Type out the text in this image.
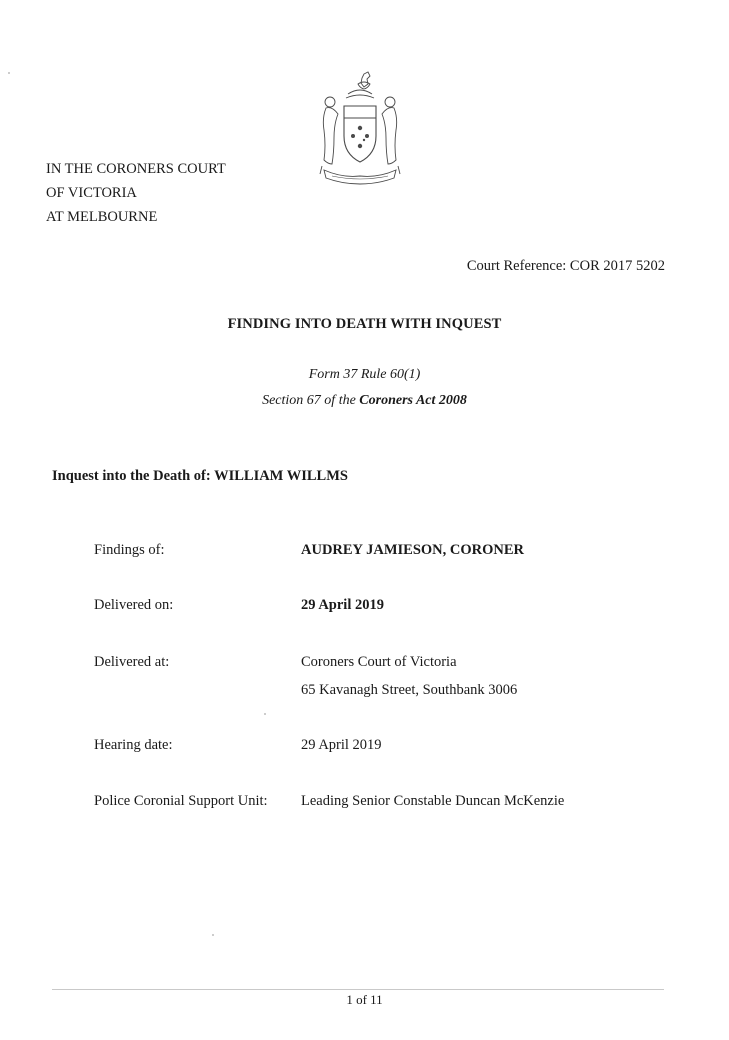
IN THE CORONERS COURT
OF VICTORIA
AT MELBOURNE
Court Reference: COR 2017 5202
FINDING INTO DEATH WITH INQUEST
Form 37 Rule 60(1)
Section 67 of the Coroners Act 2008
Inquest into the Death of: WILLIAM WILLMS
Findings of:	AUDREY JAMIESON, CORONER
Delivered on:	29 April 2019
Delivered at:	Coroners Court of Victoria
65 Kavanagh Street, Southbank 3006
Hearing date:	29 April 2019
Police Coronial Support Unit: Leading Senior Constable Duncan McKenzie
1 of 11
